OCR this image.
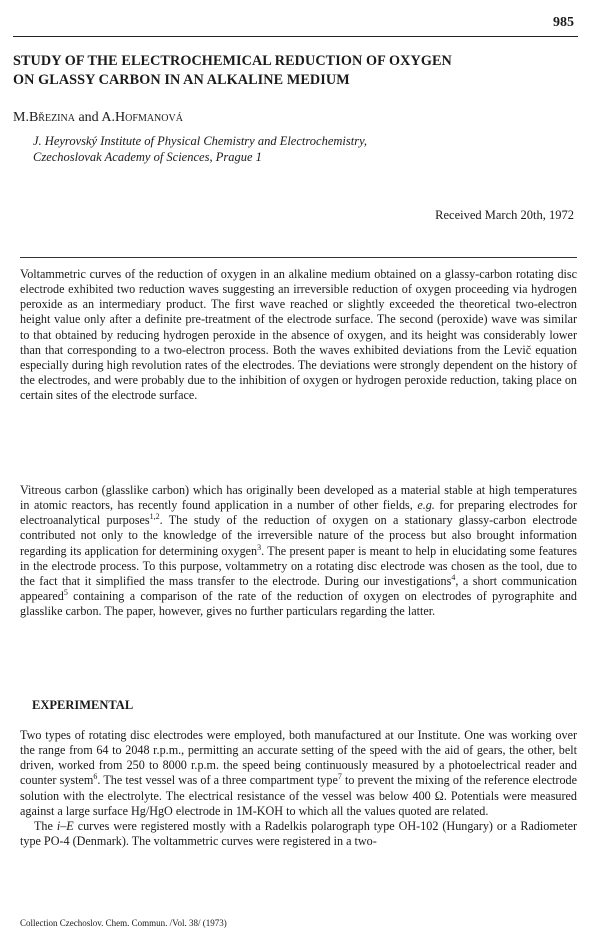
985
STUDY OF THE ELECTROCHEMICAL REDUCTION OF OXYGEN
ON GLASSY CARBON IN AN ALKALINE MEDIUM

M.Březina and A.Hofmanová

J. Heyrovský Institute of Physical Chemistry and Electrochemistry,
Czechoslovak Academy of Sciences, Prague 1

Received March 20th, 1972

Voltammetric curves of the reduction of oxygen in an alkaline medium obtained on a glassy-carbon rotating disc electrode exhibited two reduction waves suggesting an irreversible reduction of oxygen proceeding via hydrogen peroxide as an intermediary product. The first wave reached or slightly exceeded the theoretical two-electron height value only after a definite pre-treatment of the electrode surface. The second (peroxide) wave was similar to that obtained by reducing hydrogen peroxide in the absence of oxygen, and its height was considerably lower than that corresponding to a two-electron process. Both the waves exhibited deviations from the Levič equation especially during high revolution rates of the electrodes. The deviations were strongly dependent on the history of the electrodes, and were probably due to the inhibition of oxygen or hydrogen peroxide reduction, taking place on certain sites of the electrode surface.

Vitreous carbon (glasslike carbon) which has originally been developed as a material stable at high temperatures in atomic reactors, has recently found application in a number of other fields, e.g. for preparing electrodes for electroanalytical purposes$^{1,2}$. The study of the reduction of oxygen on a stationary glassy-carbon electrode contributed not only to the knowledge of the irreversible nature of the process but also brought information regarding its application for determining oxygen$^3$. The present paper is meant to help in elucidating some features in the electrode process. To this purpose, voltammetry on a rotating disc electrode was chosen as the tool, due to the fact that it simplified the mass transfer to the electrode. During our investigations$^4$, a short communication appeared$^5$ containing a comparison of the rate of the reduction of oxygen on electrodes of pyrographite and glasslike carbon. The paper, however, gives no further particulars regarding the latter.

EXPERIMENTAL

Two types of rotating disc electrodes were employed, both manufactured at our Institute. One was working over the range from 64 to 2048 r.p.m., permitting an accurate setting of the speed with the aid of gears, the other, belt driven, worked from 250 to 8000 r.p.m. the speed being continuously measured by a photoelectrical reader and counter system$^6$. The test vessel was of a three compartment type$^7$ to prevent the mixing of the reference electrode solution with the electrolyte. The electrical resistance of the vessel was below 400 Ω. Potentials were measured against a large surface Hg/HgO electrode in 1M-KOH to which all the values quoted are related.

The i–E curves were registered mostly with a Radelkis polarograph type OH-102 (Hungary) or a Radiometer type PO-4 (Denmark). The voltammetric curves were registered in a two-

Collection Czechoslov. Chem. Commun. /Vol. 38/ (1973)
